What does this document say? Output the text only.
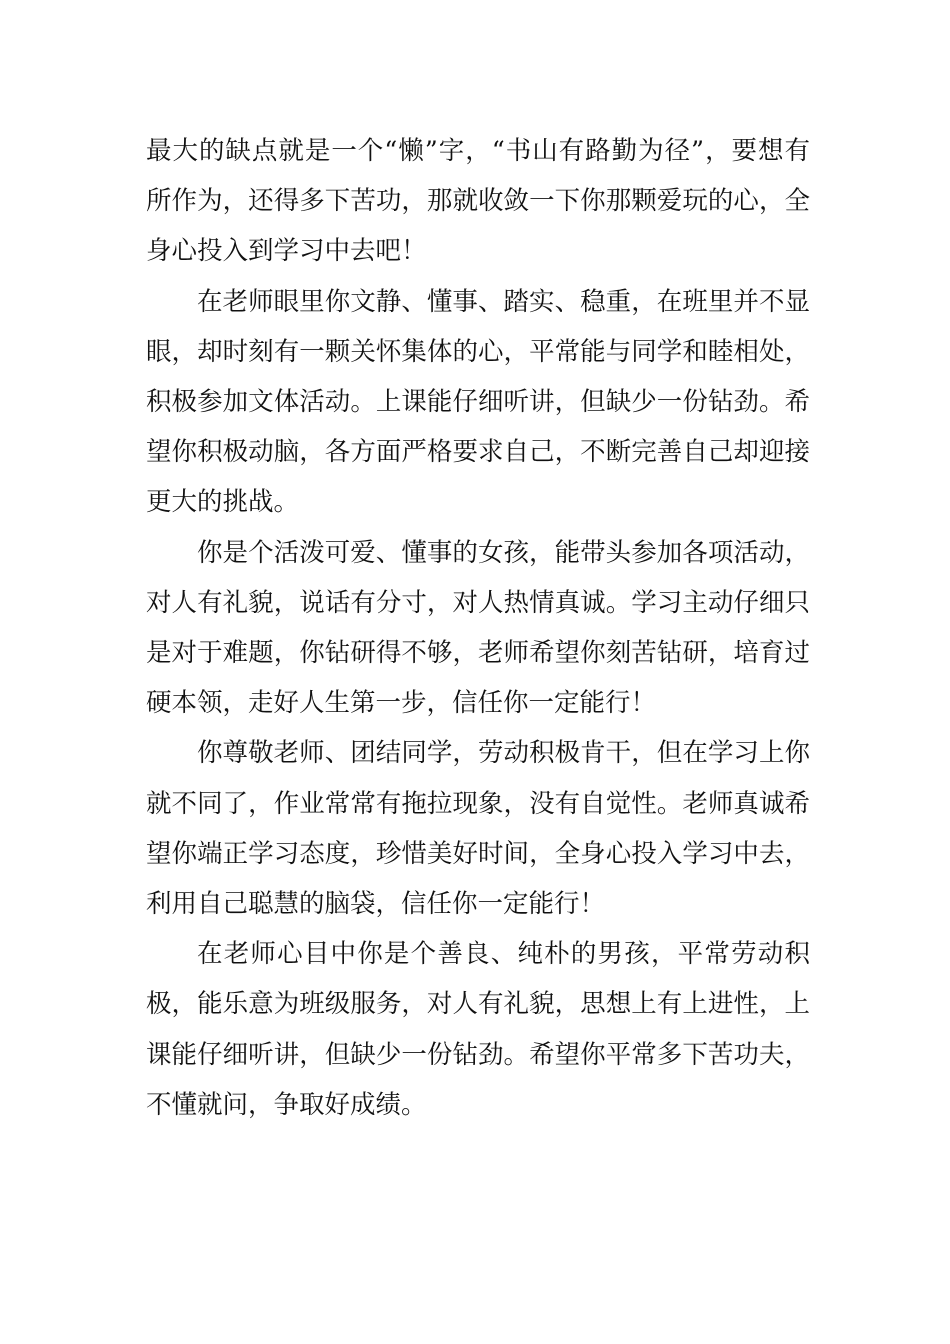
最大的缺点就是一个“懒”字，“书山有路勤为径”，要想有所作为，还得多下苦功，那就收敛一下你那颗爱玩的心，全身心投入到学习中去吧！

在老师眼里你文静、懂事、踏实、稳重，在班里并不显眼，却时刻有一颗关怀集体的心，平常能与同学和睦相处，积极参加文体活动。上课能仔细听讲，但缺少一份钻劲。希望你积极动脑，各方面严格要求自己，不断完善自己却迎接更大的挑战。

你是个活泼可爱、懂事的女孩，能带头参加各项活动，对人有礼貌，说话有分寸，对人热情真诚。学习主动仔细只是对于难题，你钻研得不够，老师希望你刻苦钻研，培育过硬本领，走好人生第一步，信任你一定能行！

你尊敬老师、团结同学，劳动积极肯干，但在学习上你就不同了，作业常常有拖拉现象，没有自觉性。老师真诚希望你端正学习态度，珍惜美好时间，全身心投入学习中去，利用自己聪慧的脑袋，信任你一定能行！

在老师心目中你是个善良、纯朴的男孩，平常劳动积极，能乐意为班级服务，对人有礼貌，思想上有上进性，上课能仔细听讲，但缺少一份钻劲。希望你平常多下苦功夫，不懂就问，争取好成绩。
